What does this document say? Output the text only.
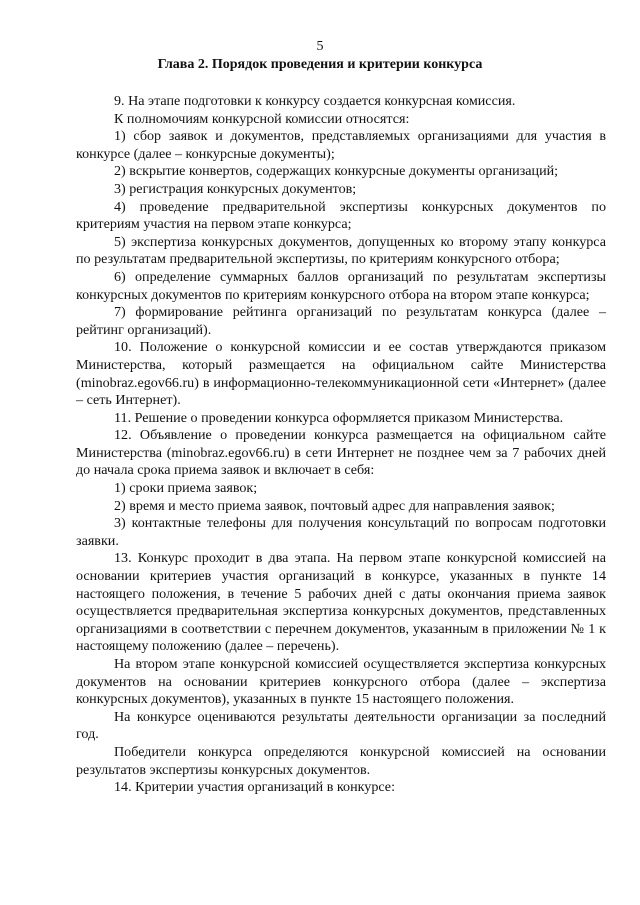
5
Глава 2. Порядок проведения и критерии конкурса

9. На этапе подготовки к конкурсу создается конкурсная комиссия.

К полномочиям конкурсной комиссии относятся:

1) сбор заявок и документов, представляемых организациями для участия в конкурсе (далее – конкурсные документы);

2) вскрытие конвертов, содержащих конкурсные документы организаций;

3) регистрация конкурсных документов;

4) проведение предварительной экспертизы конкурсных документов по критериям участия на первом этапе конкурса;

5) экспертиза конкурсных документов, допущенных ко второму этапу конкурса по результатам предварительной экспертизы, по критериям конкурсного отбора;

6) определение суммарных баллов организаций по результатам экспертизы конкурсных документов по критериям конкурсного отбора на втором этапе конкурса;

7) формирование рейтинга организаций по результатам конкурса (далее – рейтинг организаций).

10. Положение о конкурсной комиссии и ее состав утверждаются приказом Министерства, который размещается на официальном сайте Министерства (minobraz.egov66.ru) в информационно-телекоммуникационной сети «Интернет» (далее – сеть Интернет).

11. Решение о проведении конкурса оформляется приказом Министерства.

12. Объявление о проведении конкурса размещается на официальном сайте Министерства (minobraz.egov66.ru) в сети Интернет не позднее чем за 7 рабочих дней до начала срока приема заявок и включает в себя:

1) сроки приема заявок;

2) время и место приема заявок, почтовый адрес для направления заявок;

3) контактные телефоны для получения консультаций по вопросам подготовки заявки.

13. Конкурс проходит в два этапа. На первом этапе конкурсной комиссией на основании критериев участия организаций в конкурсе, указанных в пункте 14 настоящего положения, в течение 5 рабочих дней с даты окончания приема заявок осуществляется предварительная экспертиза конкурсных документов, представленных организациями в соответствии с перечнем документов, указанным в приложении № 1 к настоящему положению (далее – перечень).

На втором этапе конкурсной комиссией осуществляется экспертиза конкурсных документов на основании критериев конкурсного отбора (далее – экспертиза конкурсных документов), указанных в пункте 15 настоящего положения.

На конкурсе оцениваются результаты деятельности организации за последний год.

Победители конкурса определяются конкурсной комиссией на основании результатов экспертизы конкурсных документов.

14. Критерии участия организаций в конкурсе:
